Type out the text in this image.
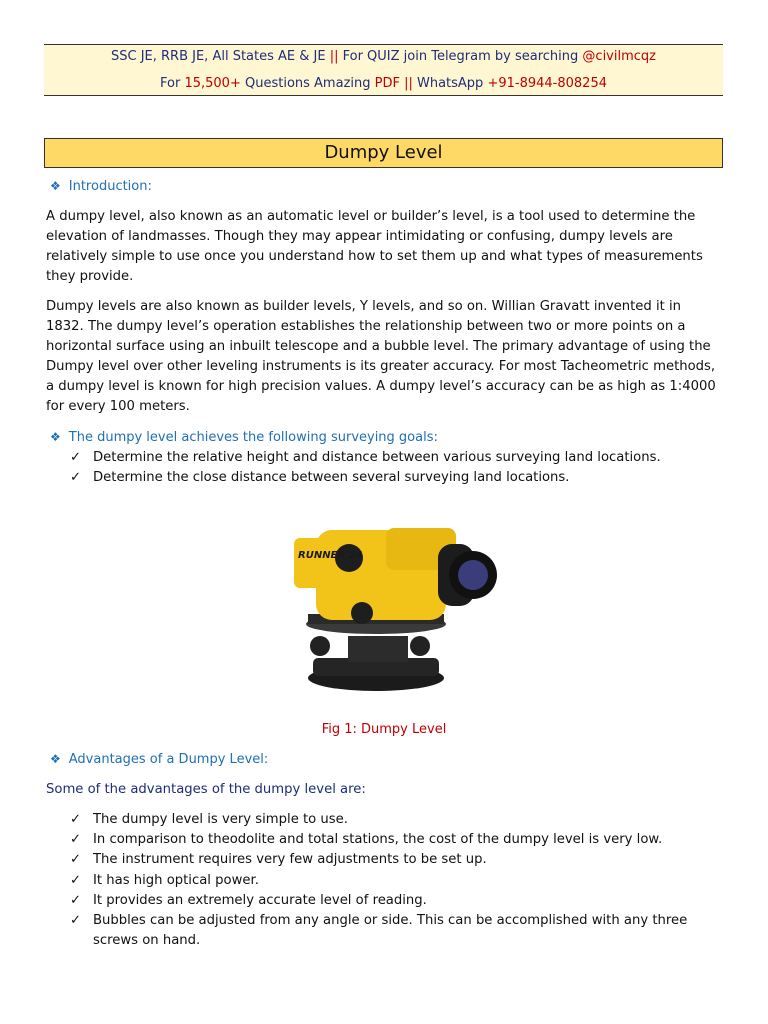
SSC JE, RRB JE, All States AE & JE || For QUIZ join Telegram by searching @civilmcqz
For 15,500+ Questions Amazing PDF || WhatsApp +91-8944-808254
Dumpy Level
❖ Introduction:
A dumpy level, also known as an automatic level or builder’s level, is a tool used to determine the
elevation of landmasses. Though they may appear intimidating or confusing, dumpy levels are
relatively simple to use once you understand how to set them up and what types of measurements
they provide.
Dumpy levels are also known as builder levels, Y levels, and so on. Willian Gravatt invented it in
1832. The dumpy level’s operation establishes the relationship between two or more points on a
horizontal surface using an inbuilt telescope and a bubble level. The primary advantage of using the
Dumpy level over other leveling instruments is its greater accuracy. For most Tacheometric methods,
a dumpy level is known for high precision values. A dumpy level’s accuracy can be as high as 1:4000
for every 100 meters.
❖ The dumpy level achieves the following surveying goals:
✓ Determine the relative height and distance between various surveying land locations.
✓ Determine the close distance between several surveying land locations.
RUNNER 24
Fig 1: Dumpy Level
❖ Advantages of a Dumpy Level:
Some of the advantages of the dumpy level are:
✓ The dumpy level is very simple to use.
✓ In comparison to theodolite and total stations, the cost of the dumpy level is very low.
✓ The instrument requires very few adjustments to be set up.
✓ It has high optical power.
✓ It provides an extremely accurate level of reading.
✓ Bubbles can be adjusted from any angle or side. This can be accomplished with any three
screws on hand.
